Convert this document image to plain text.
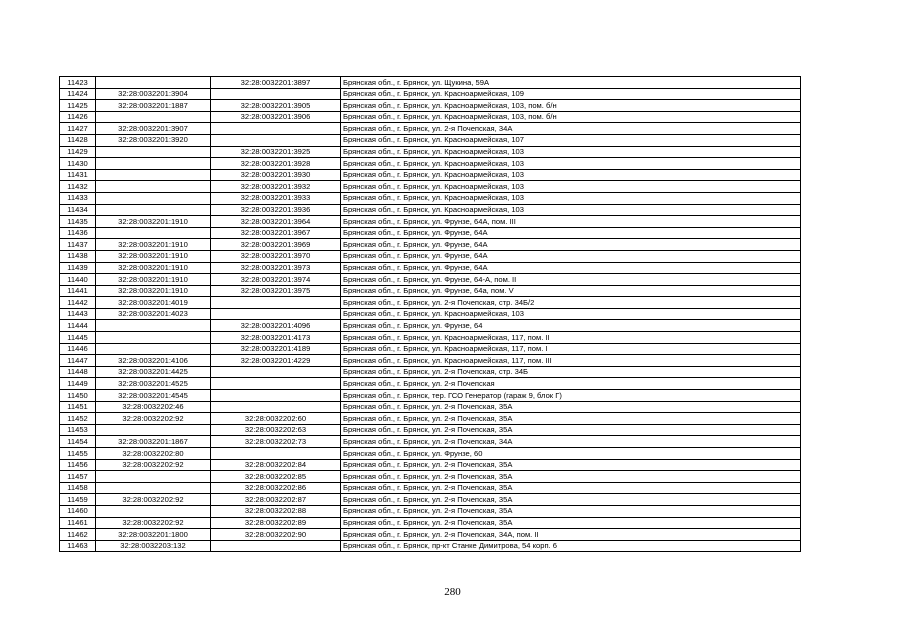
11423		32:28:0032201:3897	Брянская обл., г. Брянск, ул. Щукина, 59А
11424	32:28:0032201:3904		Брянская обл., г. Брянск, ул. Красноармейская, 109
11425	32:28:0032201:1887	32:28:0032201:3905	Брянская обл., г. Брянск, ул. Красноармейская, 103, пом. б/н
11426		32:28:0032201:3906	Брянская обл., г. Брянск, ул. Красноармейская, 103, пом. б/н
11427	32:28:0032201:3907		Брянская обл., г. Брянск, ул. 2-я Почепская, 34А
11428	32:28:0032201:3920		Брянская обл., г. Брянск, ул. Красноармейская, 107
11429		32:28:0032201:3925	Брянская обл., г. Брянск, ул. Красноармейская, 103
11430		32:28:0032201:3928	Брянская обл., г. Брянск, ул. Красноармейская, 103
11431		32:28:0032201:3930	Брянская обл., г. Брянск, ул. Красноармейская, 103
11432		32:28:0032201:3932	Брянская обл., г. Брянск, ул. Красноармейская, 103
11433		32:28:0032201:3933	Брянская обл., г. Брянск, ул. Красноармейская, 103
11434		32:28:0032201:3936	Брянская обл., г. Брянск, ул. Красноармейская, 103
11435	32:28:0032201:1910	32:28:0032201:3964	Брянская обл., г. Брянск, ул. Фрунзе, 64А, пом. III
11436		32:28:0032201:3967	Брянская обл., г. Брянск, ул. Фрунзе, 64А
11437	32:28:0032201:1910	32:28:0032201:3969	Брянская обл., г. Брянск, ул. Фрунзе, 64А
11438	32:28:0032201:1910	32:28:0032201:3970	Брянская обл., г. Брянск, ул. Фрунзе, 64А
11439	32:28:0032201:1910	32:28:0032201:3973	Брянская обл., г. Брянск, ул. Фрунзе, 64А
11440	32:28:0032201:1910	32:28:0032201:3974	Брянская обл., г. Брянск, ул. Фрунзе, 64-А, пом. II
11441	32:28:0032201:1910	32:28:0032201:3975	Брянская обл., г. Брянск, ул. Фрунзе, 64а, пом. V
11442	32:28:0032201:4019		Брянская обл., г. Брянск, ул. 2-я Почепская, стр. 34Б/2
11443	32:28:0032201:4023		Брянская обл., г. Брянск, ул. Красноармейская, 103
11444		32:28:0032201:4096	Брянская обл., г. Брянск, ул. Фрунзе, 64
11445		32:28:0032201:4173	Брянская обл., г. Брянск, ул. Красноармейская, 117, пом. II
11446		32:28:0032201:4189	Брянская обл., г. Брянск, ул. Красноармейская, 117, пом. I
11447	32:28:0032201:4106	32:28:0032201:4229	Брянская обл., г. Брянск, ул. Красноармейская, 117, пом. III
11448	32:28:0032201:4425		Брянская обл., г. Брянск, ул. 2-я Почепская, стр. 34Б
11449	32:28:0032201:4525		Брянская обл., г. Брянск, ул. 2-я Почепская
11450	32:28:0032201:4545		Брянская обл., г. Брянск, тер. ГСО Генератор (гараж 9, блок Г)
11451	32:28:0032202:46		Брянская обл., г. Брянск, ул. 2-я Почепская, 35А
11452	32:28:0032202:92	32:28:0032202:60	Брянская обл., г. Брянск, ул. 2-я Почепская, 35А
11453		32:28:0032202:63	Брянская обл., г. Брянск, ул. 2-я Почепская, 35А
11454	32:28:0032201:1867	32:28:0032202:73	Брянская обл., г. Брянск, ул. 2-я Почепская, 34А
11455	32:28:0032202:80		Брянская обл., г. Брянск, ул. Фрунзе, 60
11456	32:28:0032202:92	32:28:0032202:84	Брянская обл., г. Брянск, ул. 2-я Почепская, 35А
11457		32:28:0032202:85	Брянская обл., г. Брянск, ул. 2-я Почепская, 35А
11458		32:28:0032202:86	Брянская обл., г. Брянск, ул. 2-я Почепская, 35А
11459	32:28:0032202:92	32:28:0032202:87	Брянская обл., г. Брянск, ул. 2-я Почепская, 35А
11460		32:28:0032202:88	Брянская обл., г. Брянск, ул. 2-я Почепская, 35А
11461	32:28:0032202:92	32:28:0032202:89	Брянская обл., г. Брянск, ул. 2-я Почепская, 35А
11462	32:28:0032201:1800	32:28:0032202:90	Брянская обл., г. Брянск, ул. 2-я Почепская, 34А, пом. II
11463	32:28:0032203:132		Брянская обл., г. Брянск, пр-кт Станке Димитрова, 54 корп. 6
280
